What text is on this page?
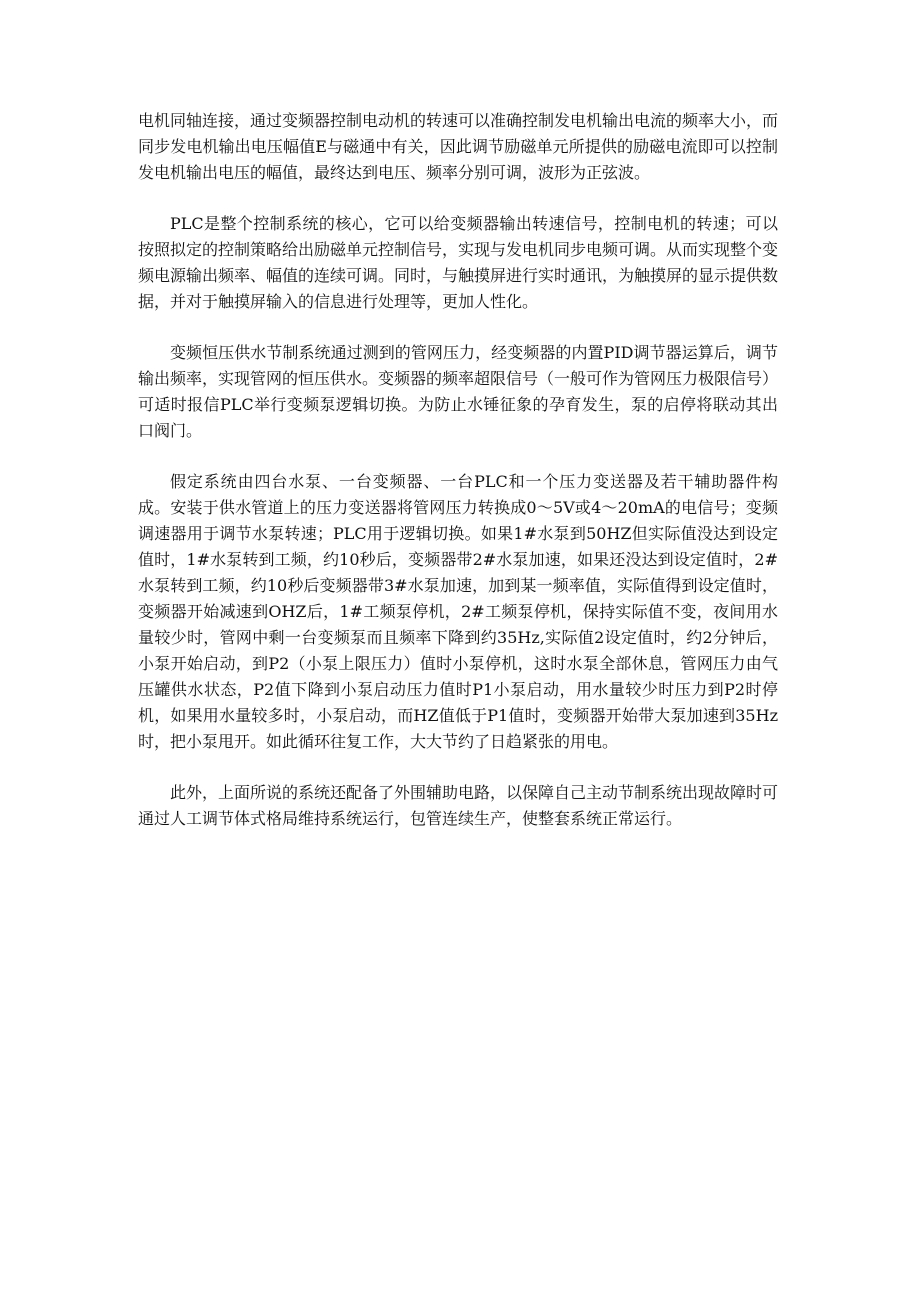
电机同轴连接，通过变频器控制电动机的转速可以准确控制发电机输出电流的频率大小，而同步发电机输出电压幅值E与磁通中有关，因此调节励磁单元所提供的励磁电流即可以控制发电机输出电压的幅值，最终达到电压、频率分别可调，波形为正弦波。

PLC是整个控制系统的核心，它可以给变频器输出转速信号，控制电机的转速；可以按照拟定的控制策略给出励磁单元控制信号，实现与发电机同步电频可调。从而实现整个变频电源输出频率、幅值的连续可调。同时，与触摸屏进行实时通讯，为触摸屏的显示提供数据，并对于触摸屏输入的信息进行处理等，更加人性化。

变频恒压供水节制系统通过测到的管网压力，经变频器的内置PID调节器运算后，调节输出频率，实现管网的恒压供水。变频器的频率超限信号（一般可作为管网压力极限信号）可适时报信PLC举行变频泵逻辑切换。为防止水锤征象的孕育发生，泵的启停将联动其出口阀门。

假定系统由四台水泵、一台变频器、一台PLC和一个压力变送器及若干辅助器件构成。安装于供水管道上的压力变送器将管网压力转换成0～5V或4～20mA的电信号；变频调速器用于调节水泵转速；PLC用于逻辑切换。如果1#水泵到50HZ但实际值没达到设定值时，1#水泵转到工频，约10秒后，变频器带2#水泵加速，如果还没达到设定值时，2#水泵转到工频，约10秒后变频器带3#水泵加速，加到某一频率值，实际值得到设定值时，变频器开始减速到OHZ后，1#工频泵停机，2#工频泵停机，保持实际值不变，夜间用水量较少时，管网中剩一台变频泵而且频率下降到约35Hz,实际值2设定值时，约2分钟后，小泵开始启动，到P2（小泵上限压力）值时小泵停机，这时水泵全部休息，管网压力由气压罐供水状态，P2值下降到小泵启动压力值时P1小泵启动，用水量较少时压力到P2时停机，如果用水量较多时，小泵启动，而HZ值低于P1值时，变频器开始带大泵加速到35Hz时，把小泵甩开。如此循环往复工作，大大节约了日趋紧张的用电。

此外，上面所说的系统还配备了外围辅助电路，以保障自己主动节制系统出现故障时可通过人工调节体式格局维持系统运行，包管连续生产，使整套系统正常运行。
